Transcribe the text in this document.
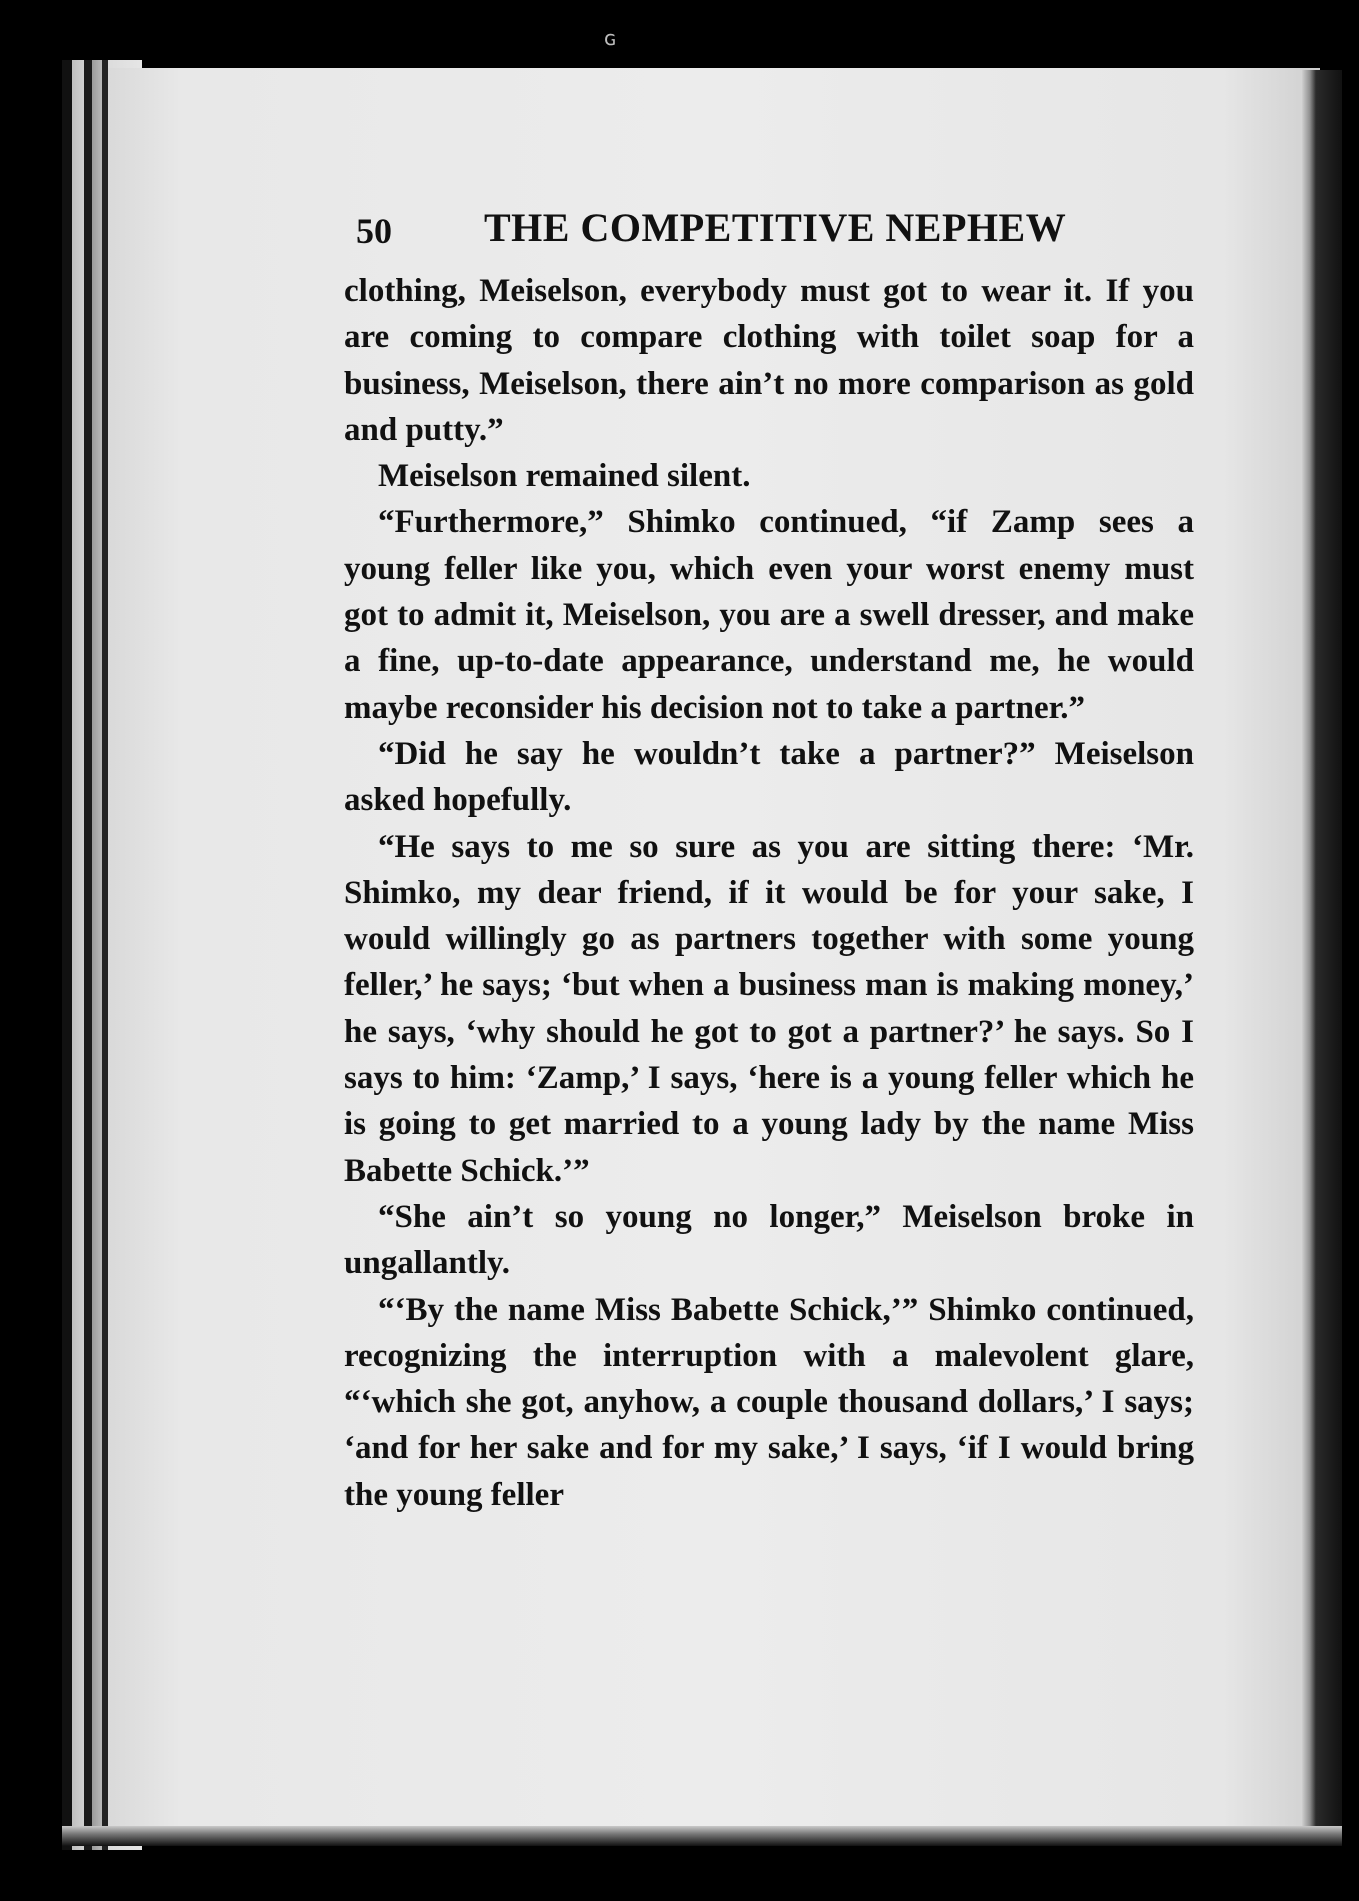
ɢ
50 THE COMPETITIVE NEPHEW

clothing, Meiselson, everybody must got to wear it. If you are coming to compare clothing with toilet soap for a business, Meiselson, there ain’t no more comparison as gold and putty.”

Meiselson remained silent.

“Furthermore,” Shimko continued, “if Zamp sees a young feller like you, which even your worst enemy must got to admit it, Meiselson, you are a swell dresser, and make a fine, up-to-date appearance, understand me, he would maybe reconsider his decision not to take a partner.”

“Did he say he wouldn’t take a partner?” Meiselson asked hopefully.

“He says to me so sure as you are sitting there: ‘Mr. Shimko, my dear friend, if it would be for your sake, I would willingly go as partners together with some young feller,’ he says; ‘but when a business man is making money,’ he says, ‘why should he got to got a partner?’ he says. So I says to him: ‘Zamp,’ I says, ‘here is a young feller which he is going to get married to a young lady by the name Miss Babette Schick.’”

“She ain’t so young no longer,” Meiselson broke in ungallantly.

“‘By the name Miss Babette Schick,’” Shimko continued, recognizing the interruption with a malevolent glare, “‘which she got, anyhow, a couple thousand dollars,’ I says; ‘and for her sake and for my sake,’ I says, ‘if I would bring the young feller
